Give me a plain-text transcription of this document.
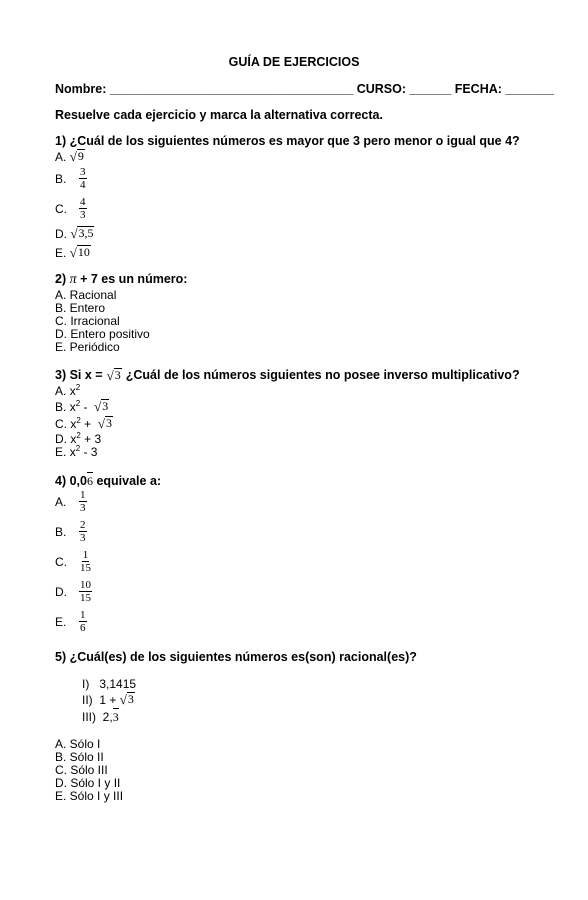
GUÍA DE EJERCICIOS
Nombre: ___________________________________ CURSO: ______ FECHA: _______
Resuelve cada ejercicio y marca la alternativa correcta.
1) ¿Cuál de los siguientes números es mayor que 3 pero menor o igual que 4?
A. √ 9
B.	$\frac{3}{4}$
C.	$\frac{4}{3}$
D. √ 3,5
E. √ 10
2) π + 7 es un número:
A. Racional
B. Entero
C. Irracional
D. Entero positivo
E. Periódico
3) Si x = √ 3 ¿Cuál de los números siguientes no posee inverso multiplicativo?
A. $x^2$
B. $x^2$ - √ 3
C. $x^2$ + √ 3
D. $x^2 + 3$
E. $x^2 - 3$
4) 0,0
6 equivale a:
A.	$\frac{1}{3}$
B.	$\frac{2}{3}$
C.	$\frac{1}{15}$
D.	$\frac{10}{15}$
E.	$\frac{1}{6}$
5) ¿Cuál(es) de los siguientes números es(son) racional(es)?
I)   3,1415
II)  1 + √ 3
III)  2,
3
A. Sólo I
B. Sólo II
C. Sólo III
D. Sólo I y II
E. Sólo I y III
